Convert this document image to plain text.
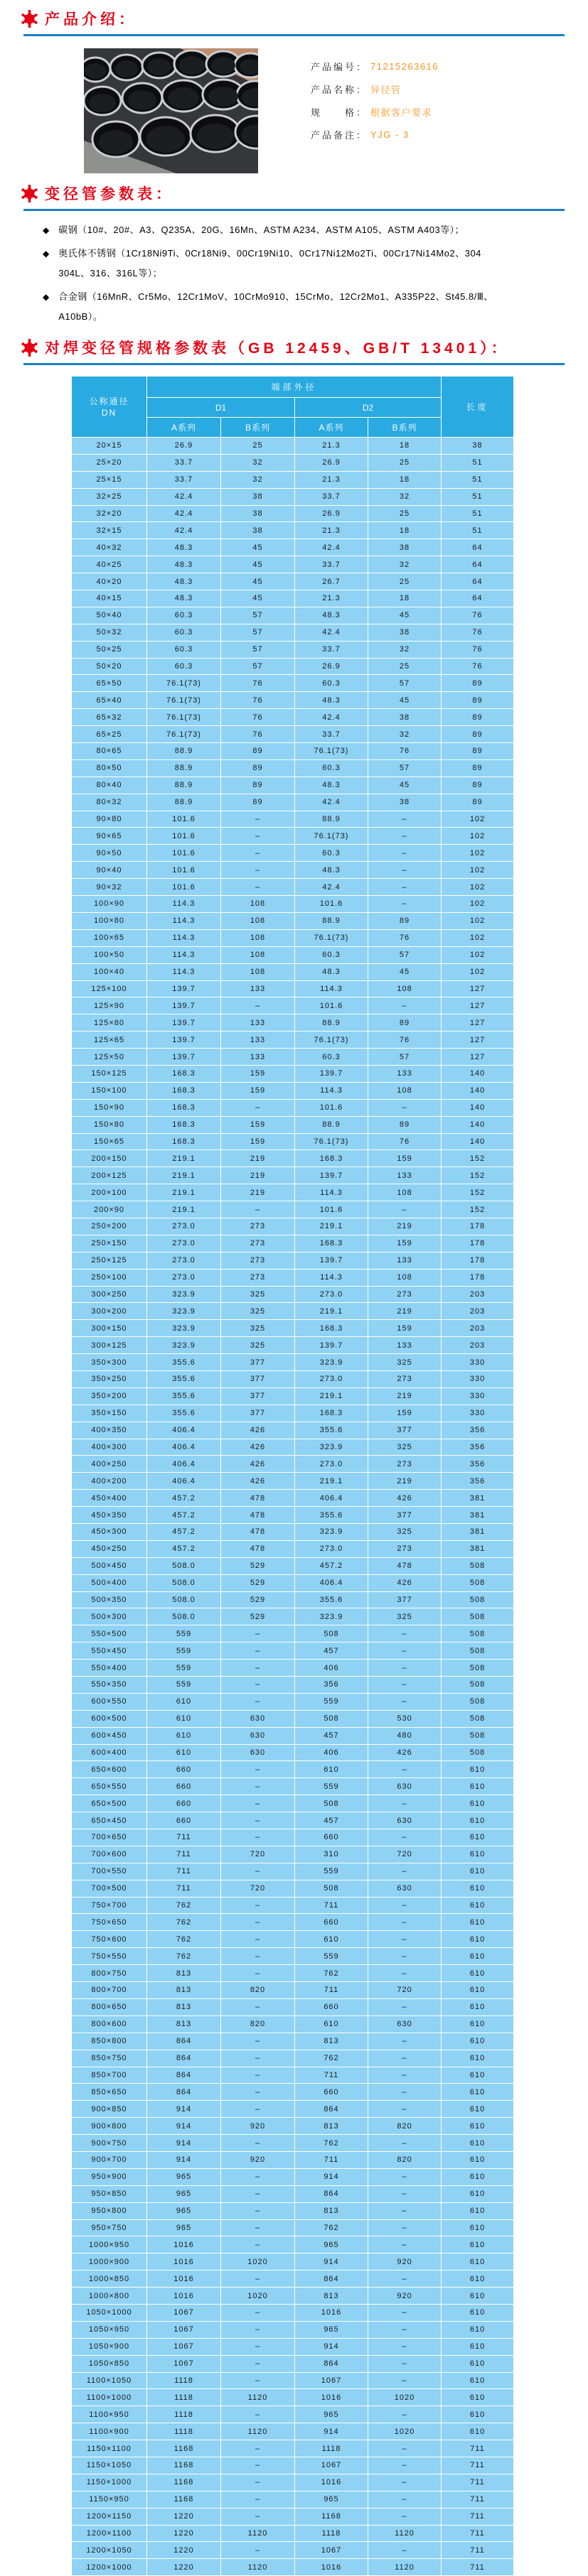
产品介绍：
产品编号： 71215263616
产品名称： 异径管
规　　格： 根据客户要求
产品备注： YJG - 3
变径管参数表：
◆ 碳钢（10#、20#、A3、Q235A、20G、16Mn、ASTM A234、ASTM A105、ASTM A403等）；
◆ 奥氏体不锈钢（1Cr18Ni9Ti、0Cr18Ni9、00Cr19Ni10、0Cr17Ni12Mo2Ti、00Cr17Ni14Mo2、304
304L、316、316L等）；
◆ 合金钢（16MnR、Cr5Mo、12Cr1MoV、10CrMo910、15CrMo、12Cr2Mo1、A335P22、St45.8/Ⅲ、
A10bB）。
对焊变径管规格参数表（GB 12459、GB/T 13401）：
公称通径
DN	端部外径				长度
	D1		D2		
	A系列	B系列	A系列	B系列	
20×15	26.9	25	21.3	18	38
25×20	33.7	32	26.9	25	51
25×15	33.7	32	21.3	18	51
32×25	42.4	38	33.7	32	51
32×20	42.4	38	26.9	25	51
32×15	42.4	38	21.3	18	51
40×32	48.3	45	42.4	38	64
40×25	48.3	45	33.7	32	64
40×20	48.3	45	26.7	25	64
40×15	48.3	45	21.3	18	64
50×40	60.3	57	48.3	45	76
50×32	60.3	57	42.4	38	76
50×25	60.3	57	33.7	32	76
50×20	60.3	57	26.9	25	76
65×50	76.1(73)	76	60.3	57	89
65×40	76.1(73)	76	48.3	45	89
65×32	76.1(73)	76	42.4	38	89
65×25	76.1(73)	76	33.7	32	89
80×65	88.9	89	76.1(73)	76	89
80×50	88.9	89	60.3	57	89
80×40	88.9	89	48.3	45	89
80×32	88.9	89	42.4	38	89
90×80	101.6	–	88.9	–	102
90×65	101.6	–	76.1(73)	–	102
90×50	101.6	–	60.3	–	102
90×40	101.6	–	48.3	–	102
90×32	101.6	–	42.4	–	102
100×90	114.3	108	101.6	–	102
100×80	114.3	108	88.9	89	102
100×65	114.3	108	76.1(73)	76	102
100×50	114.3	108	60.3	57	102
100×40	114.3	108	48.3	45	102
125×100	139.7	133	114.3	108	127
125×90	139.7	–	101.6	–	127
125×80	139.7	133	88.9	89	127
125×65	139.7	133	76.1(73)	76	127
125×50	139.7	133	60.3	57	127
150×125	168.3	159	139.7	133	140
150×100	168.3	159	114.3	108	140
150×90	168.3	–	101.6	–	140
150×80	168.3	159	88.9	89	140
150×65	168.3	159	76.1(73)	76	140
200×150	219.1	219	168.3	159	152
200×125	219.1	219	139.7	133	152
200×100	219.1	219	114.3	108	152
200×90	219.1	–	101.6	–	152
250×200	273.0	273	219.1	219	178
250×150	273.0	273	168.3	159	178
250×125	273.0	273	139.7	133	178
250×100	273.0	273	114.3	108	178
300×250	323.9	325	273.0	273	203
300×200	323.9	325	219.1	219	203
300×150	323.9	325	168.3	159	203
300×125	323.9	325	139.7	133	203
350×300	355.6	377	323.9	325	330
350×250	355.6	377	273.0	273	330
350×200	355.6	377	219.1	219	330
350×150	355.6	377	168.3	159	330
400×350	406.4	426	355.6	377	356
400×300	406.4	426	323.9	325	356
400×250	406.4	426	273.0	273	356
400×200	406.4	426	219.1	219	356
450×400	457.2	478	406.4	426	381
450×350	457.2	478	355.6	377	381
450×300	457.2	478	323.9	325	381
450×250	457.2	478	273.0	273	381
500×450	508.0	529	457.2	478	508
500×400	508.0	529	406.4	426	508
500×350	508.0	529	355.6	377	508
500×300	508.0	529	323.9	325	508
550×500	559	–	508	–	508
550×450	559	–	457	–	508
550×400	559	–	406	–	508
550×350	559	–	356	–	508
600×550	610	–	559	–	508
600×500	610	630	508	530	508
600×450	610	630	457	480	508
600×400	610	630	406	426	508
650×600	660	–	610	–	610
650×550	660	–	559	630	610
650×500	660	–	508	–	610
650×450	660	–	457	630	610
700×650	711	–	660	–	610
700×600	711	720	310	720	610
700×550	711	–	559	–	610
700×500	711	720	508	630	610
750×700	762	–	711	–	610
750×650	762	–	660	–	610
750×600	762	–	610	–	610
750×550	762	–	559	–	610
800×750	813	–	762	–	610
800×700	813	820	711	720	610
800×650	813	–	660	–	610
800×600	813	820	610	630	610
850×800	864	–	813	–	610
850×750	864	–	762	–	610
850×700	864	–	711	–	610
850×650	864	–	660	–	610
900×850	914	–	864	–	610
900×800	914	920	813	820	610
900×750	914	–	762	–	610
900×700	914	920	711	820	610
950×900	965	–	914	–	610
950×850	965	–	864	–	610
950×800	965	–	813	–	610
950×750	965	–	762	–	610
1000×950	1016	–	965	–	610
1000×900	1016	1020	914	920	610
1000×850	1016	–	864	–	610
1000×800	1016	1020	813	920	610
1050×1000	1067	–	1016	–	610
1050×950	1067	–	965	–	610
1050×900	1067	–	914	–	610
1050×850	1067	–	864	–	610
1100×1050	1118	–	1067	–	610
1100×1000	1118	1120	1016	1020	610
1100×950	1118	–	965	–	610
1100×900	1118	1120	914	1020	610
1150×1100	1168	–	1118	–	711
1150×1050	1168	–	1067	–	711
1150×1000	1168	–	1016	–	711
1150×950	1168	–	965	–	711
1200×1150	1220	–	1168	–	711
1200×1100	1220	1120	1118	1120	711
1200×1050	1220	–	1067	–	711
1200×1000	1220	1120	1016	1120	711
